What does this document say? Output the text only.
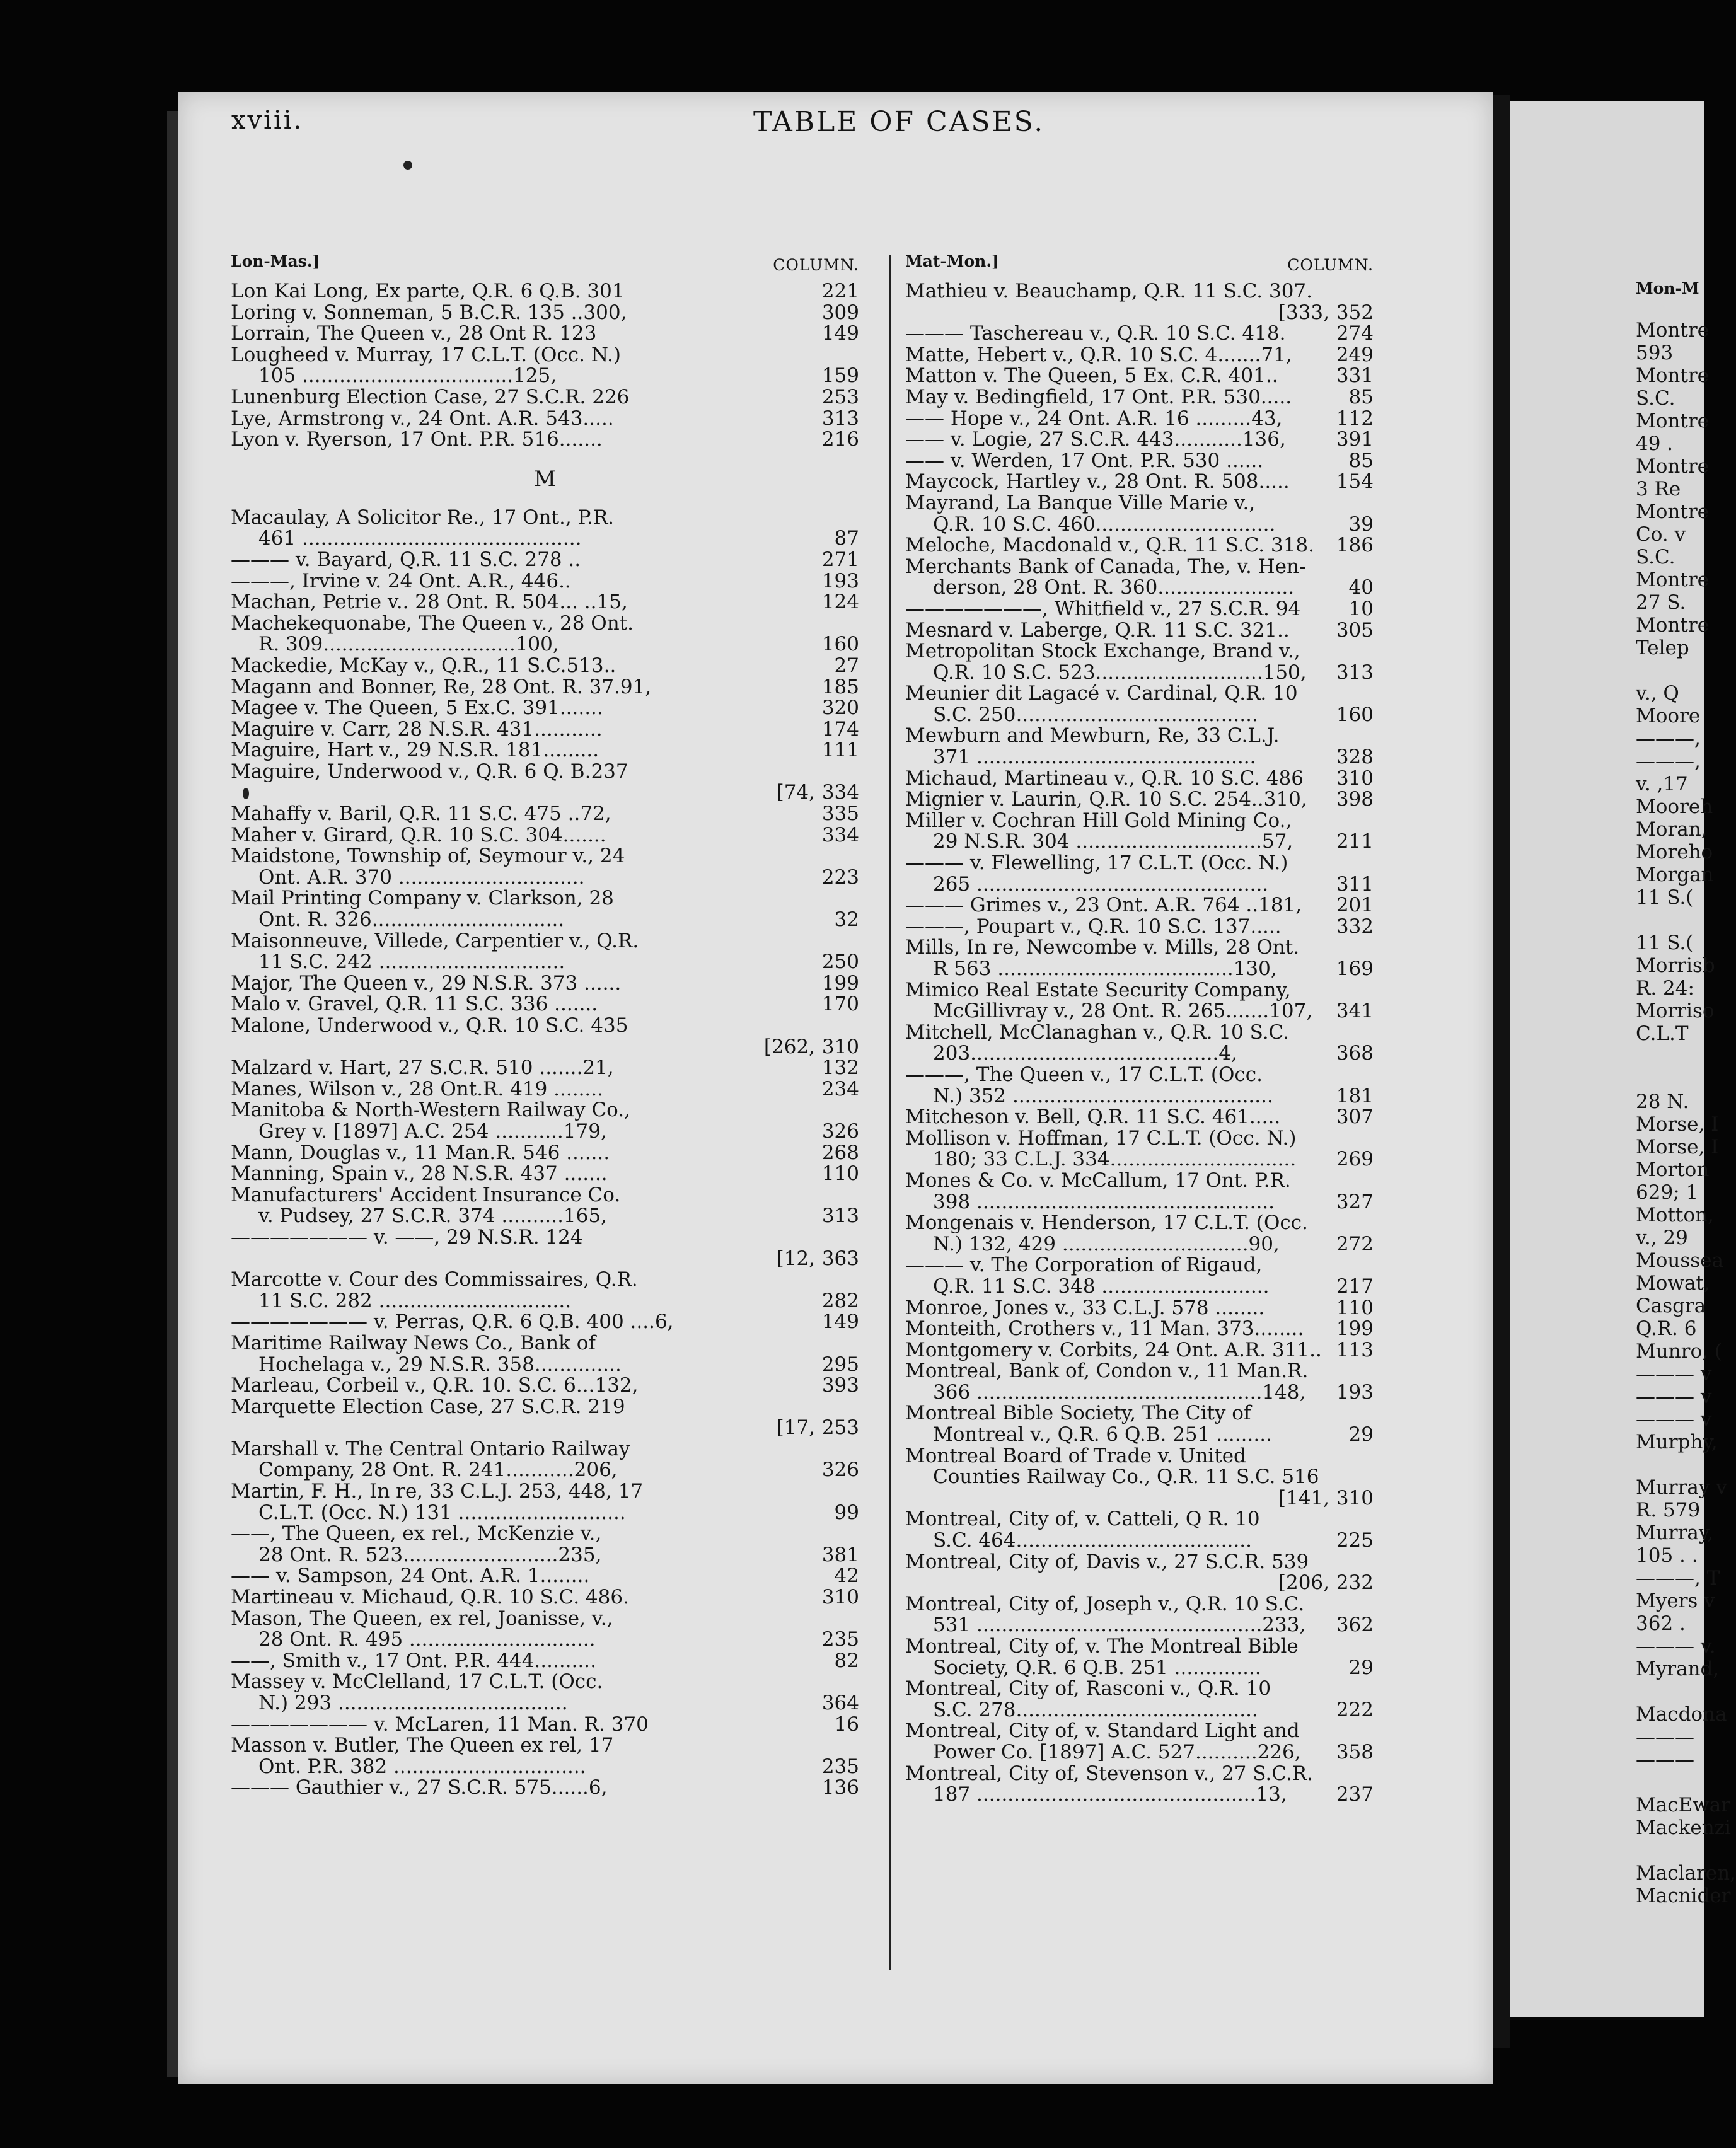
xviii.	TABLE OF CASES.
Lon-Mas.]	COLUMN.
Lon Kai Long, Ex parte, Q.R. 6 Q.B. 301	221
Loring v. Sonneman, 5 B.C.R. 135 ..300,	309
Lorrain, The Queen v., 28 Ont R. 123	149
Lougheed v. Murray, 17 C.L.T. (Occ. N.)
105 ..................................125,	159
Lunenburg Election Case, 27 S.C.R. 226	253
Lye, Armstrong v., 24 Ont. A.R. 543.....	313
Lyon v. Ryerson, 17 Ont. P.R. 516.......	216
M
Macaulay, A Solicitor Re., 17 Ont., P.R.
461 .............................................	87
——— v. Bayard, Q.R. 11 S.C. 278 ..	271
———, Irvine v. 24 Ont. A.R., 446..	193
Machan, Petrie v.. 28 Ont. R. 504... ..15,	124
Machekequonabe, The Queen v., 28 Ont.
R. 309...............................100,	160
Mackedie, McKay v., Q.R., 11 S.C.513..	27
Magann and Bonner, Re, 28 Ont. R. 37.91,	185
Magee v. The Queen, 5 Ex.C. 391.......	320
Maguire v. Carr, 28 N.S.R. 431...........	174
Maguire, Hart v., 29 N.S.R. 181.........	111
Maguire, Underwood v., Q.R. 6 Q. B.237
[74, 334
Mahaffy v. Baril, Q.R. 11 S.C. 475 ..72,	335
Maher v. Girard, Q.R. 10 S.C. 304.......	334
Maidstone, Township of, Seymour v., 24
Ont. A.R. 370 ..............................	223
Mail Printing Company v. Clarkson, 28
Ont. R. 326...............................	32
Maisonneuve, Villede, Carpentier v., Q.R.
11 S.C. 242 ..............................	250
Major, The Queen v., 29 N.S.R. 373 ......	199
Malo v. Gravel, Q.R. 11 S.C. 336 .......	170
Malone, Underwood v., Q.R. 10 S.C. 435
[262, 310
Malzard v. Hart, 27 S.C.R. 510 .......21,	132
Manes, Wilson v., 28 Ont.R. 419 ........	234
Manitoba & North-Western Railway Co.,
Grey v. [1897] A.C. 254 ...........179,	326
Mann, Douglas v., 11 Man.R. 546 .......	268
Manning, Spain v., 28 N.S.R. 437 .......	110
Manufacturers' Accident Insurance Co.
v. Pudsey, 27 S.C.R. 374 ..........165,	313
——————— v. ——, 29 N.S.R. 124
[12, 363
Marcotte v. Cour des Commissaires, Q.R.
11 S.C. 282 ...............................	282
——————— v. Perras, Q.R. 6 Q.B. 400 ....6,	149
Maritime Railway News Co., Bank of
Hochelaga v., 29 N.S.R. 358..............	295
Marleau, Corbeil v., Q.R. 10. S.C. 6...132,	393
Marquette Election Case, 27 S.C.R. 219
[17, 253
Marshall v. The Central Ontario Railway
Company, 28 Ont. R. 241...........206,	326
Martin, F. H., In re, 33 C.L.J. 253, 448, 17
C.L.T. (Occ. N.) 131 ...........................	99
——, The Queen, ex rel., McKenzie v.,
28 Ont. R. 523.........................235,	381
—— v. Sampson, 24 Ont. A.R. 1........	42
Martineau v. Michaud, Q.R. 10 S.C. 486.	310
Mason, The Queen, ex rel, Joanisse, v.,
28 Ont. R. 495 ..............................	235
——, Smith v., 17 Ont. P.R. 444..........	82
Massey v. McClelland, 17 C.L.T. (Occ.
N.) 293 .....................................	364
——————— v. McLaren, 11 Man. R. 370	16
Masson v. Butler, The Queen ex rel, 17
Ont. P.R. 382 ...............................	235
——— Gauthier v., 27 S.C.R. 575......6,	136
Mat-Mon.]	COLUMN.
Mathieu v. Beauchamp, Q.R. 11 S.C. 307.
[333, 352
——— Taschereau v., Q.R. 10 S.C. 418.	274
Matte, Hebert v., Q.R. 10 S.C. 4.......71, 249
Matton v. The Queen, 5 Ex. C.R. 401..	331
May v. Bedingfield, 17 Ont. P.R. 530.....	85
—— Hope v., 24 Ont. A.R. 16 .........43,	112
—— v. Logie, 27 S.C.R. 443...........136,	391
—— v. Werden, 17 Ont. P.R. 530 ......	85
Maycock, Hartley v., 28 Ont. R. 508..... 154
Mayrand, La Banque Ville Marie v.,
Q.R. 10 S.C. 460.............................	39
Meloche, Macdonald v., Q.R. 11 S.C. 318. 186
Merchants Bank of Canada, The, v. Hen-
derson, 28 Ont. R. 360......................	40
———————, Whitfield v., 27 S.C.R. 94 10
Mesnard v. Laberge, Q.R. 11 S.C. 321.. 305
Metropolitan Stock Exchange, Brand v.,
Q.R. 10 S.C. 523...........................150, 313
Meunier dit Lagacé v. Cardinal, Q.R. 10
S.C. 250.......................................	160
Mewburn and Mewburn, Re, 33 C.L.J.
371 .............................................	328
Michaud, Martineau v., Q.R. 10 S.C. 486 310
Mignier v. Laurin, Q.R. 10 S.C. 254..310, 398
Miller v. Cochran Hill Gold Mining Co.,
29 N.S.R. 304 ..............................57, 211
——— v. Flewelling, 17 C.L.T. (Occ. N.)
265 ...............................................	311
——— Grimes v., 23 Ont. A.R. 764 ..181, 201
———, Poupart v., Q.R. 10 S.C. 137.....	332
Mills, In re, Newcombe v. Mills, 28 Ont.
R 563 ......................................130,	169
Mimico Real Estate Security Company,
McGillivray v., 28 Ont. R. 265.......107, 341
Mitchell, McClanaghan v., Q.R. 10 S.C.
203........................................4,	368
———, The Queen v., 17 C.L.T. (Occ.
N.) 352 ..........................................	181
Mitcheson v. Bell, Q.R. 11 S.C. 461.....	307
Mollison v. Hoffman, 17 C.L.T. (Occ. N.)
180; 33 C.L.J. 334.............................. 269
Mones & Co. v. McCallum, 17 Ont. P.R.
398 ................................................	327
Mongenais v. Henderson, 17 C.L.T. (Occ.
N.) 132, 429 ..............................90,	272
——— v. The Corporation of Rigaud,
Q.R. 11 S.C. 348 ...........................	217
Monroe, Jones v., 33 C.L.J. 578 ........	110
Monteith, Crothers v., 11 Man. 373........ 199
Montgomery v. Corbits, 24 Ont. A.R. 311.. 113
Montreal, Bank of, Condon v., 11 Man.R.
366 ..............................................148, 193
Montreal Bible Society, The City of
Montreal v., Q.R. 6 Q.B. 251 .........	29
Montreal Board of Trade v. United
Counties Railway Co., Q.R. 11 S.C. 516
[141, 310
Montreal, City of, v. Catteli, Q R. 10
S.C. 464......................................	225
Montreal, City of, Davis v., 27 S.C.R. 539
[206, 232
Montreal, City of, Joseph v., Q.R. 10 S.C.
531 ..............................................233, 362
Montreal, City of, v. The Montreal Bible
Society, Q.R. 6 Q.B. 251 ..............	29
Montreal, City of, Rasconi v., Q.R. 10
S.C. 278.......................................	222
Montreal, City of, v. Standard Light and
Power Co. [1897] A.C. 527..........226, 358
Montreal, City of, Stevenson v., 27 S.C.R.
187 .............................................13,	237
Mon-M
Montre
593
Montre
S.C.
Montre
49 .
Montre
3 Re
Montre
Co. v
S.C.
Montre
27 S.
Montre
Telep
v., Q
Moore
———,
———,
v. ,17
Mooreh
Moran,
Moreho
Morgan
11 S.(
11 S.(
Morrisb
R. 24:
Morriso
C.L.T
28 N.
Morse, I
Morse, I
Morton
629; 1
Motton,
v., 29
Moussea
Mowat,
Casgra
Q.R. 6
Munro, (
——— v
——— v
——— v
Murphy,
Murray v
R. 579
Murray,
105 . .
———, T
Myers v
362 .
——— v.
Myrand,
Macdona
———
———
MacEwar
Mackenzi
Maclaren,
Macnider
